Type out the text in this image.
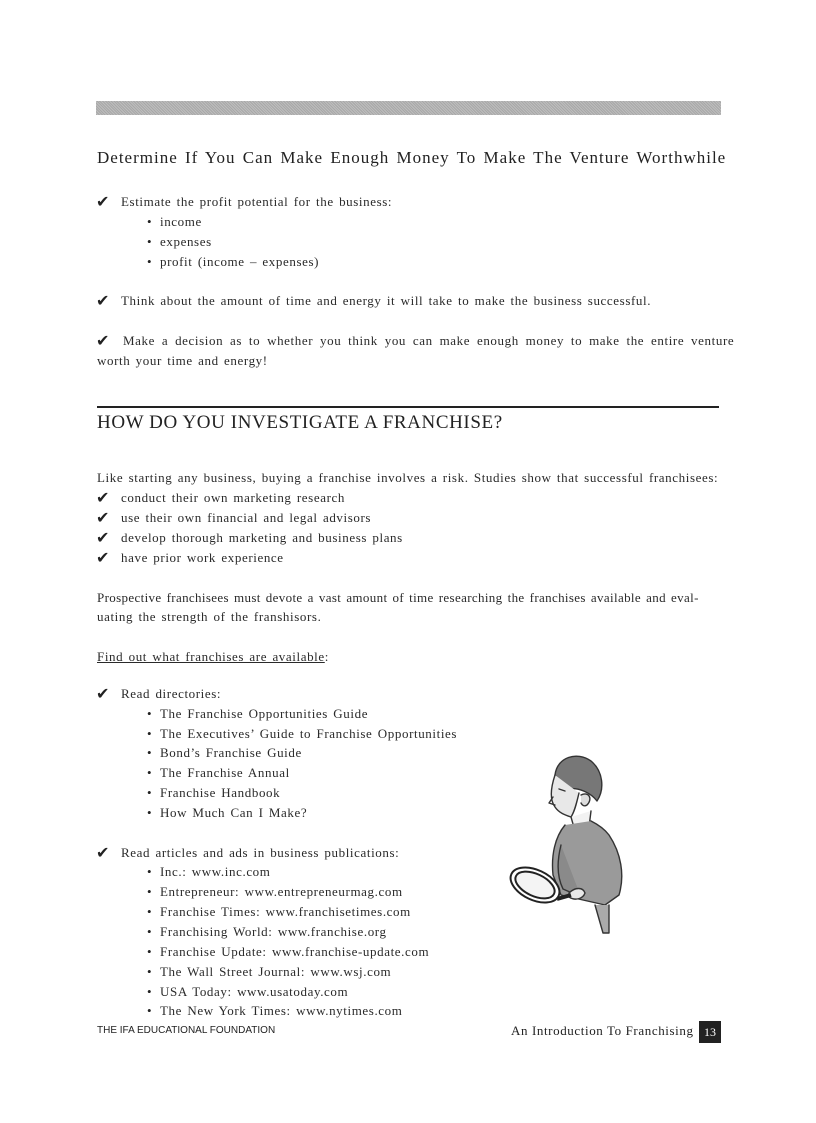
Determine If You Can Make Enough Money To Make The Venture Worthwhile
✔ Estimate the profit potential for the business:
• income
• expenses
• profit (income – expenses)
✔ Think about the amount of time and energy it will take to make the business successful.
✔ Make a decision as to whether you think you can make enough money to make the entire venture
worth your time and energy!
HOW DO YOU INVESTIGATE A FRANCHISE?
Like starting any business, buying a franchise involves a risk. Studies show that successful franchisees:
✔ conduct their own marketing research
✔ use their own financial and legal advisors
✔ develop thorough marketing and business plans
✔ have prior work experience
Prospective franchisees must devote a vast amount of time researching the franchises available and eval-
uating the strength of the franshisors.
Find out what franchises are available:
✔ Read directories:
• The Franchise Opportunities Guide
• The Executives’ Guide to Franchise Opportunities
• Bond’s Franchise Guide
• The Franchise Annual
• Franchise Handbook
• How Much Can I Make?
✔ Read articles and ads in business publications:
• Inc.: www.inc.com
• Entrepreneur: www.entrepreneurmag.com
• Franchise Times: www.franchisetimes.com
• Franchising World: www.franchise.org
• Franchise Update: www.franchise-update.com
• The Wall Street Journal: www.wsj.com
• USA Today: www.usatoday.com
• The New York Times: www.nytimes.com
THE IFA EDUCATIONAL FOUNDATION	An Introduction To Franchising 13
